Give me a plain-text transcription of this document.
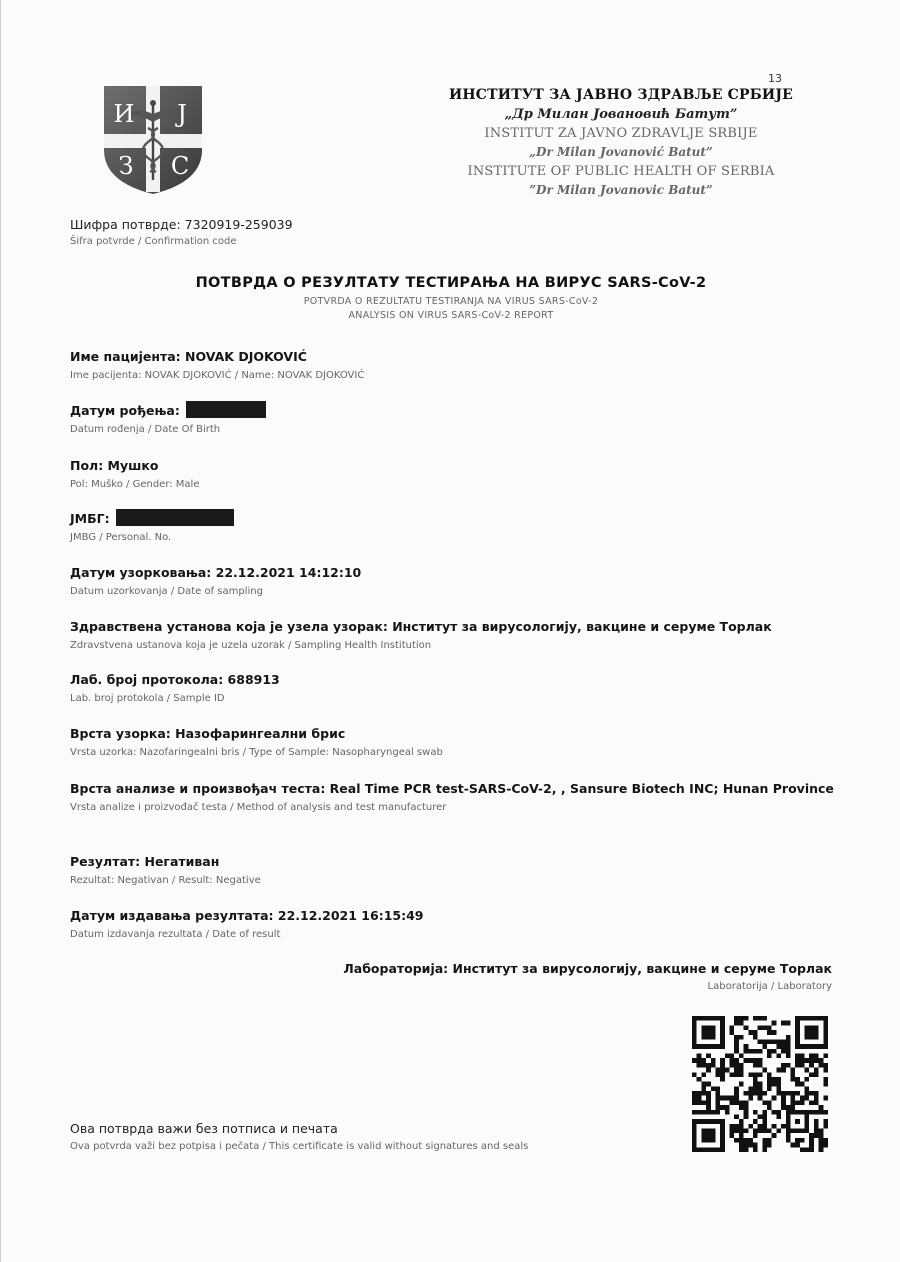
13
И Ј
З С
ИНСТИТУТ ЗА ЈАВНО ЗДРАВЉЕ СРБИЈЕ
„Др Милан Јовановић Батут”
INSTITUT ZA JAVNO ZDRAVLJE SRBIJE
„Dr Milan Jovanović Batut”
INSTITUTE OF PUBLIC HEALTH OF SERBIA
”Dr Milan Jovanovic Batut”
Шифра потврде: 7320919-259039
Šifra potvrde / Confirmation code
ПОТВРДА О РЕЗУЛТАТУ ТЕСТИРАЊА НА ВИРУС SARS-CoV-2
POTVRDA O REZULTATU TESTIRANJA NA VIRUS SARS-CoV-2
ANALYSIS ON VIRUS SARS-CoV-2 REPORT
Име пацијента: NOVAK DJOKOVIĆ
Ime pacijenta: NOVAK DJOKOVIĆ / Name: NOVAK DJOKOVIĆ
Датум рођења:
Datum rođenja / Date Of Birth
Пол: Мушко
Pol: Muško / Gender: Male
ЈМБГ:
JMBG / Personal. No.
Датум узорковања: 22.12.2021 14:12:10
Datum uzorkovanja / Date of sampling
Здравствена установа која је узела узорак: Институт за вирусологију, вакцине и серуме Торлак
Zdravstvena ustanova koja je uzela uzorak / Sampling Health Institution
Лаб. број протокола: 688913
Lab. broj protokola / Sample ID
Врста узорка: Назофарингеални брис
Vrsta uzorka: Nazofaringealni bris / Type of Sample: Nasopharyngeal swab
Врста анализе и произвођач теста: Real Time PCR test-SARS-CoV-2, , Sansure Biotech INC; Hunan Province
Vrsta analize i proizvođač testa / Method of analysis and test manufacturer
Резултат: Негативан
Rezultat: Negativan / Result: Negative
Датум издавања резултата: 22.12.2021 16:15:49
Datum izdavanja rezultata / Date of result
Лабораторија: Институт за вирусологију, вакцине и серуме Торлак
Laboratorija / Laboratory
Ова потврда важи без потписа и печата
Ova potvrda važi bez potpisa i pečata / This certificate is valid without signatures and seals
